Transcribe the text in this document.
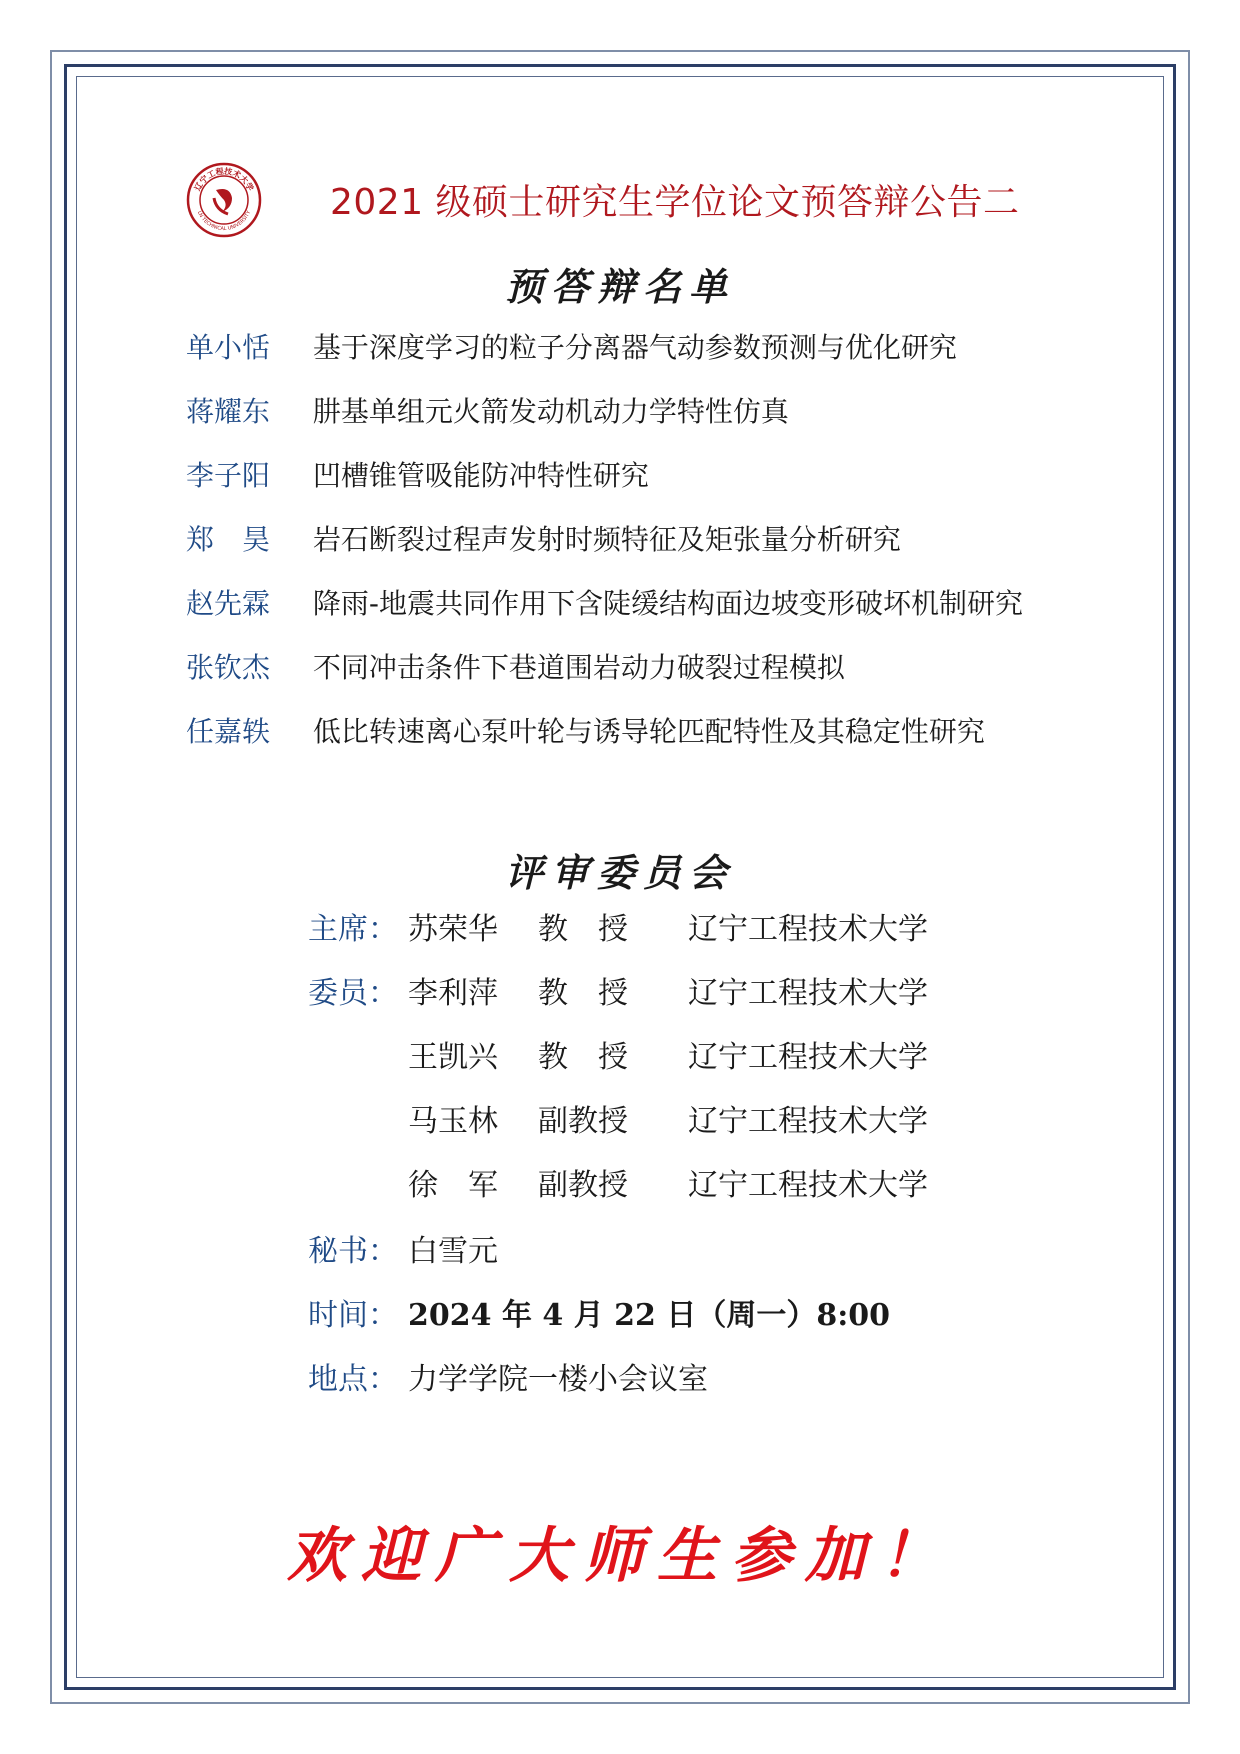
辽宁工程技术大学
LN TECHNICAL UNIVERSITY 2021 级硕士研究生学位论文预答辩公告二
预答辩名单
单小恬 基于深度学习的粒子分离器气动参数预测与优化研究
蒋耀东 肼基单组元火箭发动机动力学特性仿真
李子阳 凹槽锥管吸能防冲特性研究
郑　昊 岩石断裂过程声发射时频特征及矩张量分析研究
赵先霖 降雨-地震共同作用下含陡缓结构面边坡变形破坏机制研究
张钦杰 不同冲击条件下巷道围岩动力破裂过程模拟
任嘉轶 低比转速离心泵叶轮与诱导轮匹配特性及其稳定性研究
评审委员会
主席： 苏荣华	教　授	辽宁工程技术大学
委员： 李利萍	教　授	辽宁工程技术大学
王凯兴	教　授	辽宁工程技术大学
马玉林	副教授	辽宁工程技术大学
徐　军	副教授	辽宁工程技术大学
秘书： 白雪元
时间： 2024 年 4 月 22 日（周一）8:00
地点： 力学学院一楼小会议室
欢迎广大师生参加！
